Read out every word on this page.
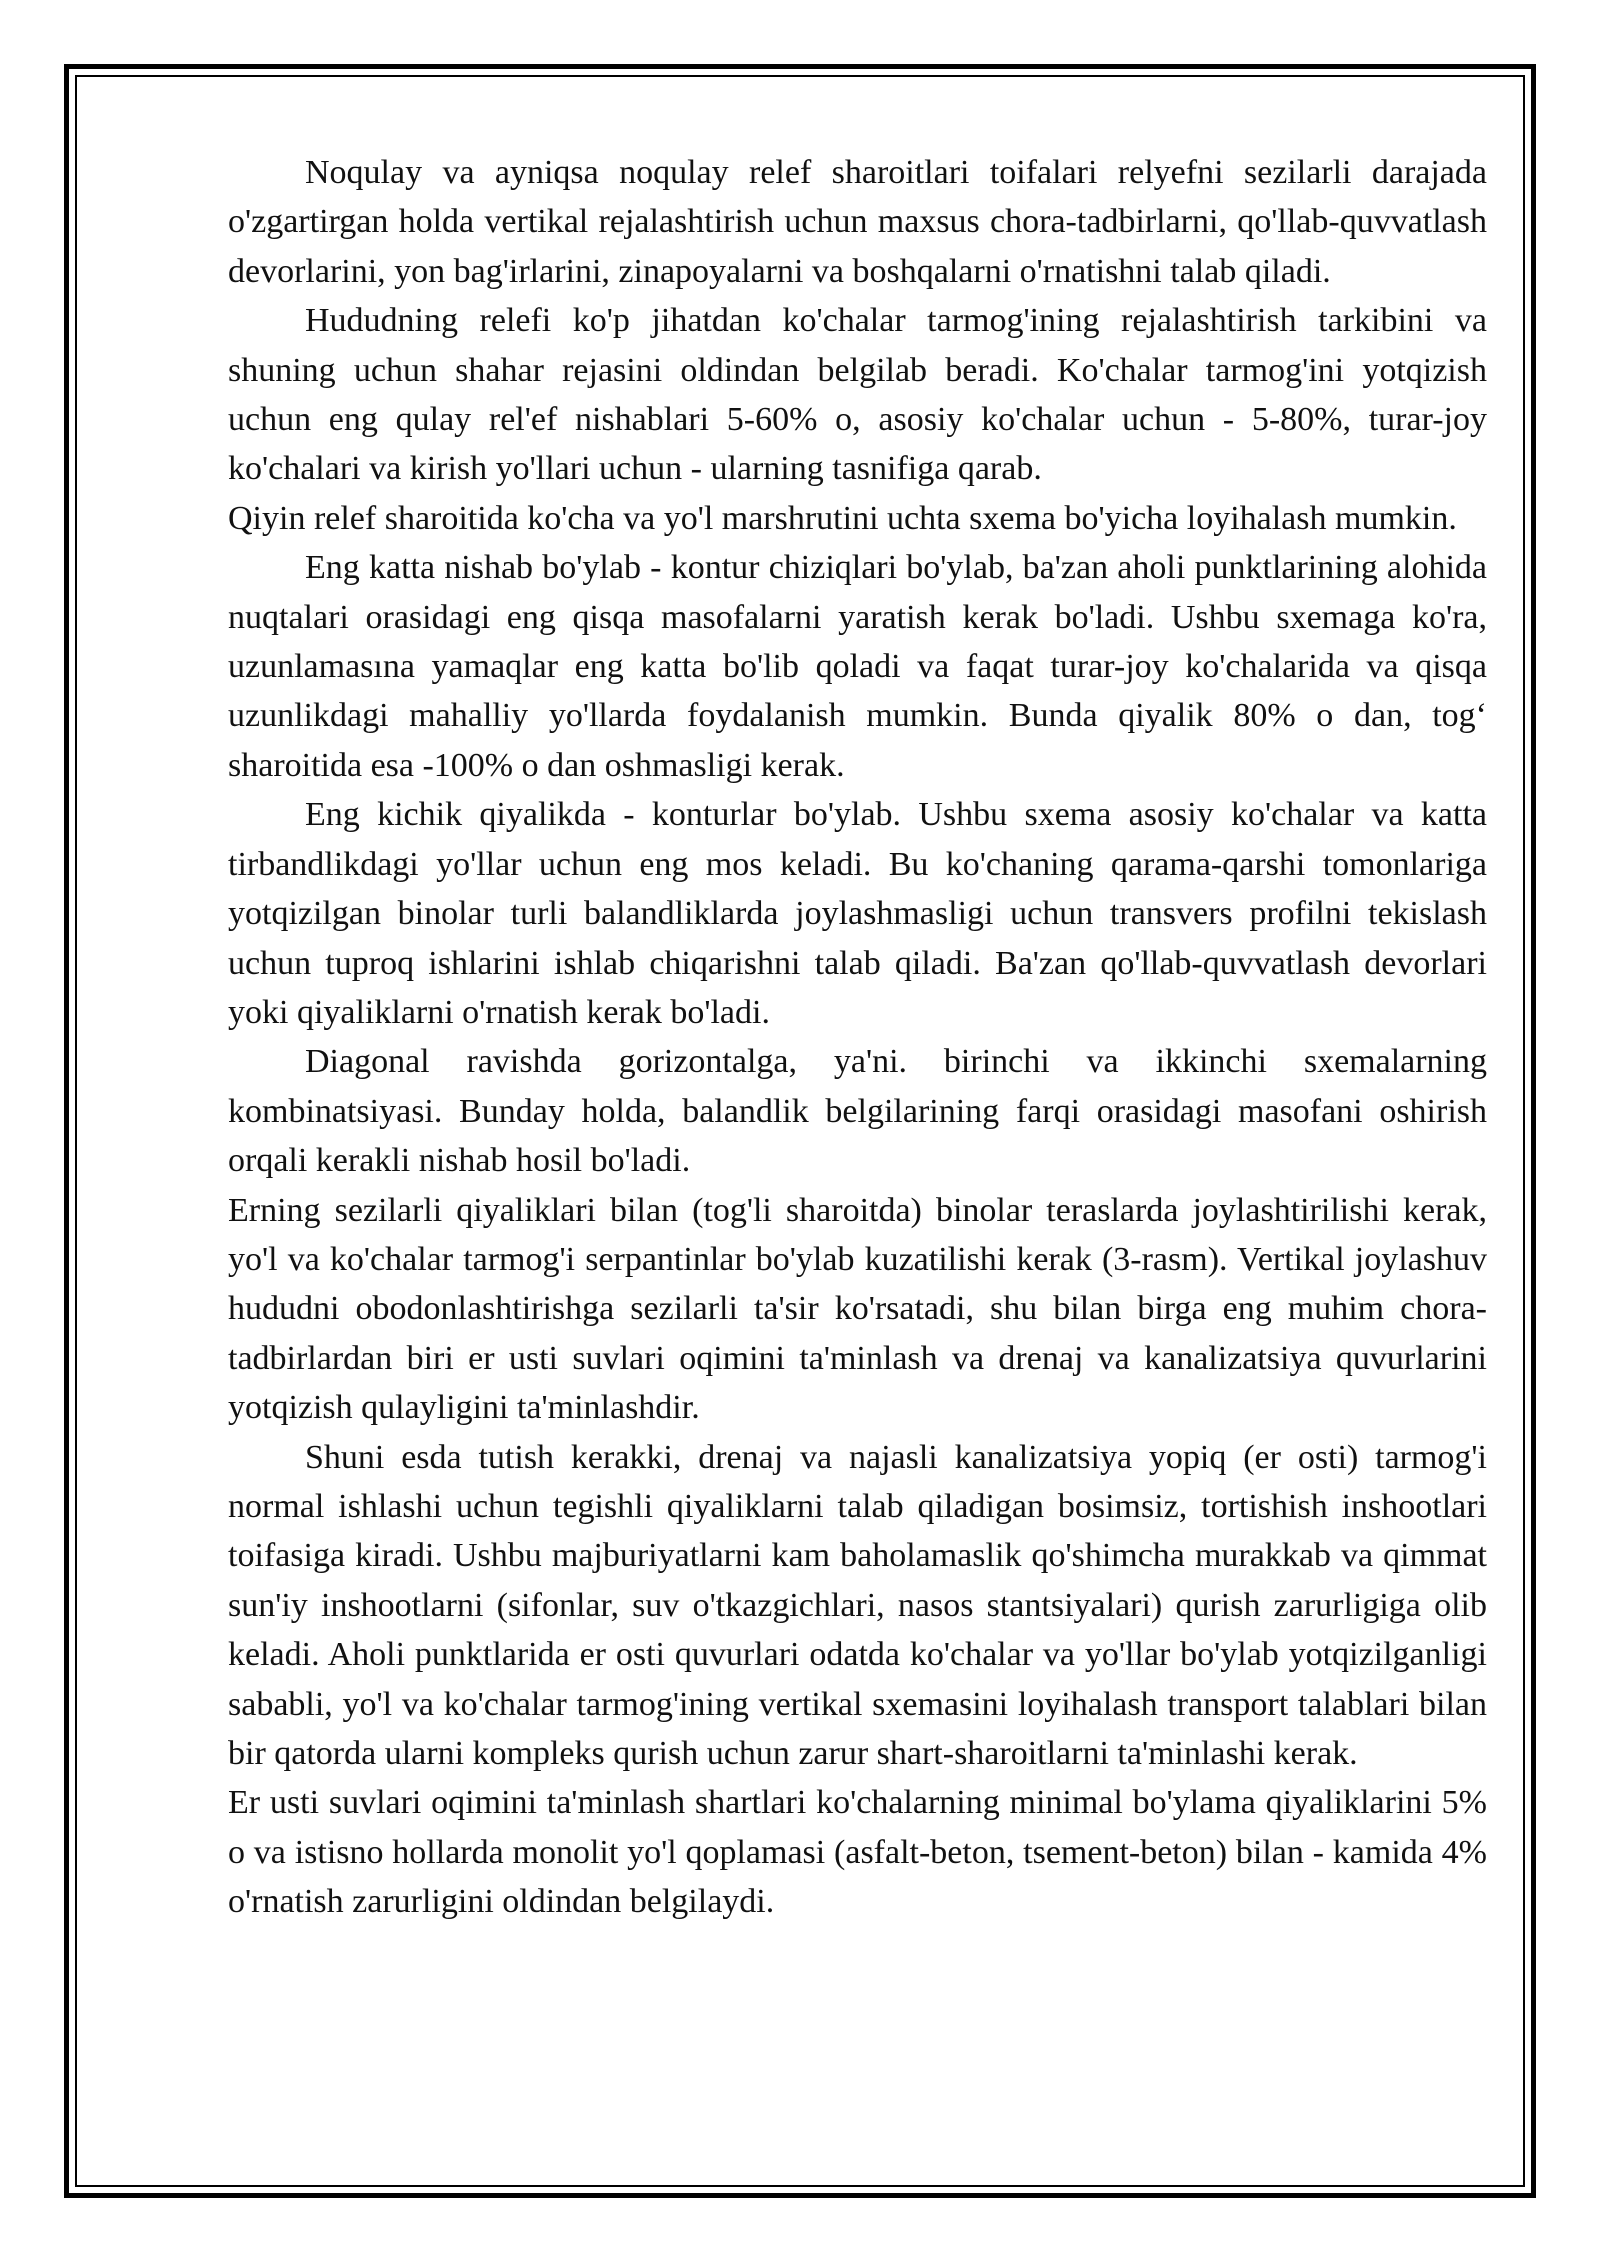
Noqulay va ayniqsa noqulay relef sharoitlari toifalari relyefni sezilarli darajada o'zgartirgan holda vertikal rejalashtirish uchun maxsus chora-tadbirlarni, qo'llab-quvvatlash devorlarini, yon bag'irlarini, zinapoyalarni va boshqalarni o'rnatishni talab qiladi.

Hududning relefi ko'p jihatdan ko'chalar tarmog'ining rejalashtirish tarkibini va shuning uchun shahar rejasini oldindan belgilab beradi. Ko'chalar tarmog'ini yotqizish uchun eng qulay rel'ef nishablari 5-60% o, asosiy ko'chalar uchun - 5-80%, turar-joy ko'chalari va kirish yo'llari uchun - ularning tasnifiga qarab.

Qiyin relef sharoitida ko'cha va yo'l marshrutini uchta sxema bo'yicha loyihalash mumkin.

Eng katta nishab bo'ylab - kontur chiziqlari bo'ylab, ba'zan aholi punktlarining alohida nuqtalari orasidagi eng qisqa masofalarni yaratish kerak bo'ladi. Ushbu sxemaga ko'ra, uzunlamasına yamaqlar eng katta bo'lib qoladi va faqat turar-joy ko'chalarida va qisqa uzunlikdagi mahalliy yo'llarda foydalanish mumkin. Bunda qiyalik 80% o dan, tog‘ sharoitida esa -100% o dan oshmasligi kerak.

Eng kichik qiyalikda - konturlar bo'ylab. Ushbu sxema asosiy ko'chalar va katta tirbandlikdagi yo'llar uchun eng mos keladi. Bu ko'chaning qarama-qarshi tomonlariga yotqizilgan binolar turli balandliklarda joylashmasligi uchun transvers profilni tekislash uchun tuproq ishlarini ishlab chiqarishni talab qiladi. Ba'zan qo'llab-quvvatlash devorlari yoki qiyaliklarni o'rnatish kerak bo'ladi.

Diagonal ravishda gorizontalga, ya'ni. birinchi va ikkinchi sxemalarning kombinatsiyasi. Bunday holda, balandlik belgilarining farqi orasidagi masofani oshirish orqali kerakli nishab hosil bo'ladi.

Erning sezilarli qiyaliklari bilan (tog'li sharoitda) binolar teraslarda joylashtirilishi kerak, yo'l va ko'chalar tarmog'i serpantinlar bo'ylab kuzatilishi kerak (3-rasm). Vertikal joylashuv hududni obodonlashtirishga sezilarli ta'sir ko'rsatadi, shu bilan birga eng muhim chora-tadbirlardan biri er usti suvlari oqimini ta'minlash va drenaj va kanalizatsiya quvurlarini yotqizish qulayligini ta'minlashdir.

Shuni esda tutish kerakki, drenaj va najasli kanalizatsiya yopiq (er osti) tarmog'i normal ishlashi uchun tegishli qiyaliklarni talab qiladigan bosimsiz, tortishish inshootlari toifasiga kiradi. Ushbu majburiyatlarni kam baholamaslik qo'shimcha murakkab va qimmat sun'iy inshootlarni (sifonlar, suv o'tkazgichlari, nasos stantsiyalari) qurish zarurligiga olib keladi. Aholi punktlarida er osti quvurlari odatda ko'chalar va yo'llar bo'ylab yotqizilganligi sababli, yo'l va ko'chalar tarmog'ining vertikal sxemasini loyihalash transport talablari bilan bir qatorda ularni kompleks qurish uchun zarur shart-sharoitlarni ta'minlashi kerak.

Er usti suvlari oqimini ta'minlash shartlari ko'chalarning minimal bo'ylama qiyaliklarini 5% o va istisno hollarda monolit yo'l qoplamasi (asfalt-beton, tsement-beton) bilan - kamida 4% o'rnatish zarurligini oldindan belgilaydi.
